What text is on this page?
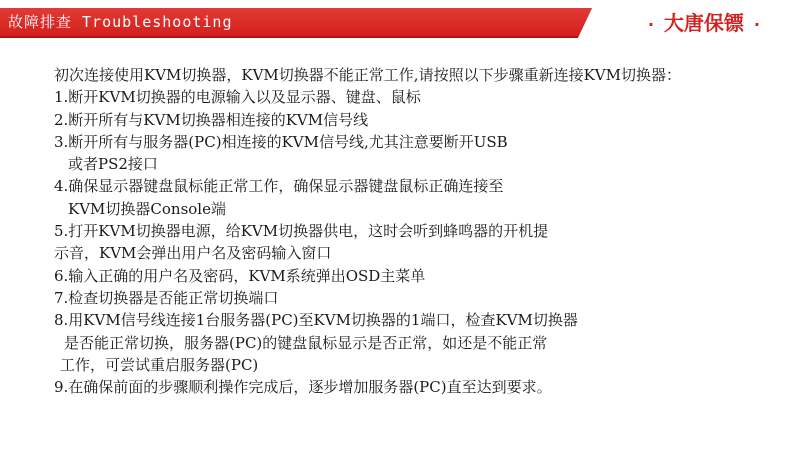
故障排查 Troubleshooting	· 大唐保镖 ·
初次连接使用KVM切换器，KVM切换器不能正常工作,请按照以下步骤重新连接KVM切换器：
1.断开KVM切换器的电源输入以及显示器、键盘、鼠标
2.断开所有与KVM切换器相连接的KVM信号线
3.断开所有与服务器(PC)相连接的KVM信号线,尤其注意要断开USB
或者PS2接口
4.确保显示器键盘鼠标能正常工作，确保显示器键盘鼠标正确连接至
KVM切换器Console端
5.打开KVM切换器电源，给KVM切换器供电，这时会听到蜂鸣器的开机提
示音，KVM会弹出用户名及密码输入窗口
6.输入正确的用户名及密码，KVM系统弹出OSD主菜单
7.检查切换器是否能正常切换端口
8.用KVM信号线连接1台服务器(PC)至KVM切换器的1端口，检查KVM切换器
是否能正常切换，服务器(PC)的键盘鼠标显示是否正常，如还是不能正常
工作，可尝试重启服务器(PC)
9.在确保前面的步骤顺利操作完成后，逐步增加服务器(PC)直至达到要求。
